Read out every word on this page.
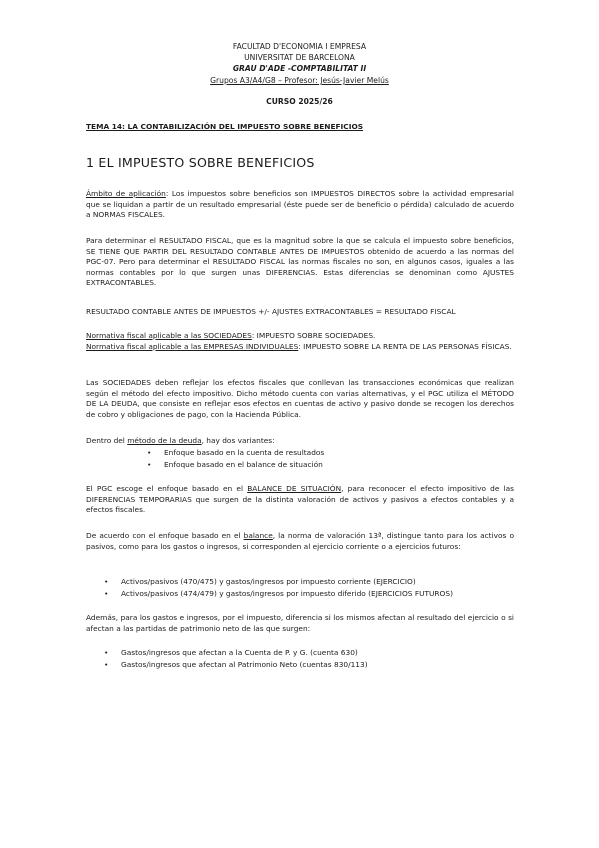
FACULTAD D'ECONOMIA I EMPRESA
UNIVERSITAT DE BARCELONA
GRAU D'ADE -COMPTABILITAT II
Grupos A3/A4/G8 – Profesor: Jesús-Javier Melús
CURSO 2025/26
TEMA 14: LA CONTABILIZACIÓN DEL IMPUESTO SOBRE BENEFICIOS
1 EL IMPUESTO SOBRE BENEFICIOS

Ámbito de aplicación: Los impuestos sobre beneficios son IMPUESTOS DIRECTOS sobre la actividad empresarial que se liquidan a partir de un resultado empresarial (éste puede ser de beneficio o pérdida) calculado de acuerdo a NORMAS FISCALES.

Para determinar el RESULTADO FISCAL, que es la magnitud sobre la que se calcula el impuesto sobre beneficios, SE TIENE QUE PARTIR DEL RESULTADO CONTABLE ANTES DE IMPUESTOS obtenido de acuerdo a las normas del PGC-07. Pero para determinar el RESULTADO FISCAL las normas fiscales no son, en algunos casos, iguales a las normas contables por lo que surgen unas DIFERENCIAS. Estas diferencias se denominan como AJUSTES EXTRACONTABLES.

RESULTADO CONTABLE ANTES DE IMPUESTOS +/- AJUSTES EXTRACONTABLES = RESULTADO FISCAL

Normativa fiscal aplicable a las SOCIEDADES: IMPUESTO SOBRE SOCIEDADES.
Normativa fiscal aplicable a las EMPRESAS INDIVIDUALES: IMPUESTO SOBRE LA RENTA DE LAS PERSONAS FÍSICAS.

Las SOCIEDADES deben reflejar los efectos fiscales que conllevan las transacciones económicas que realizan según el método del efecto impositivo. Dicho método cuenta con varias alternativas, y el PGC utiliza el MÉTODO DE LA DEUDA, que consiste en reflejar esos efectos en cuentas de activo y pasivo donde se recogen los derechos de cobro y obligaciones de pago, con la Hacienda Pública.

Dentro del método de la deuda, hay dos variantes:

• Enfoque basado en la cuenta de resultados
• Enfoque basado en el balance de situación

El PGC escoge el enfoque basado en el BALANCE DE SITUACIÓN, para reconocer el efecto impositivo de las DIFERENCIAS TEMPORARIAS que surgen de la distinta valoración de activos y pasivos a efectos contables y a efectos fiscales.

De acuerdo con el enfoque basado en el balance, la norma de valoración 13ª, distingue tanto para los activos o pasivos, como para los gastos o ingresos, si corresponden al ejercicio corriente o a ejercicios futuros:

• Activos/pasivos (470/475) y gastos/ingresos por impuesto corriente (EJERCICIO)
• Activos/pasivos (474/479) y gastos/ingresos por impuesto diferido (EJERCICIOS FUTUROS)

Además, para los gastos e ingresos, por el impuesto, diferencia si los mismos afectan al resultado del ejercicio o si afectan a las partidas de patrimonio neto de las que surgen:

• Gastos/ingresos que afectan a la Cuenta de P. y G. (cuenta 630)
• Gastos/ingresos que afectan al Patrimonio Neto (cuentas 830/113)
